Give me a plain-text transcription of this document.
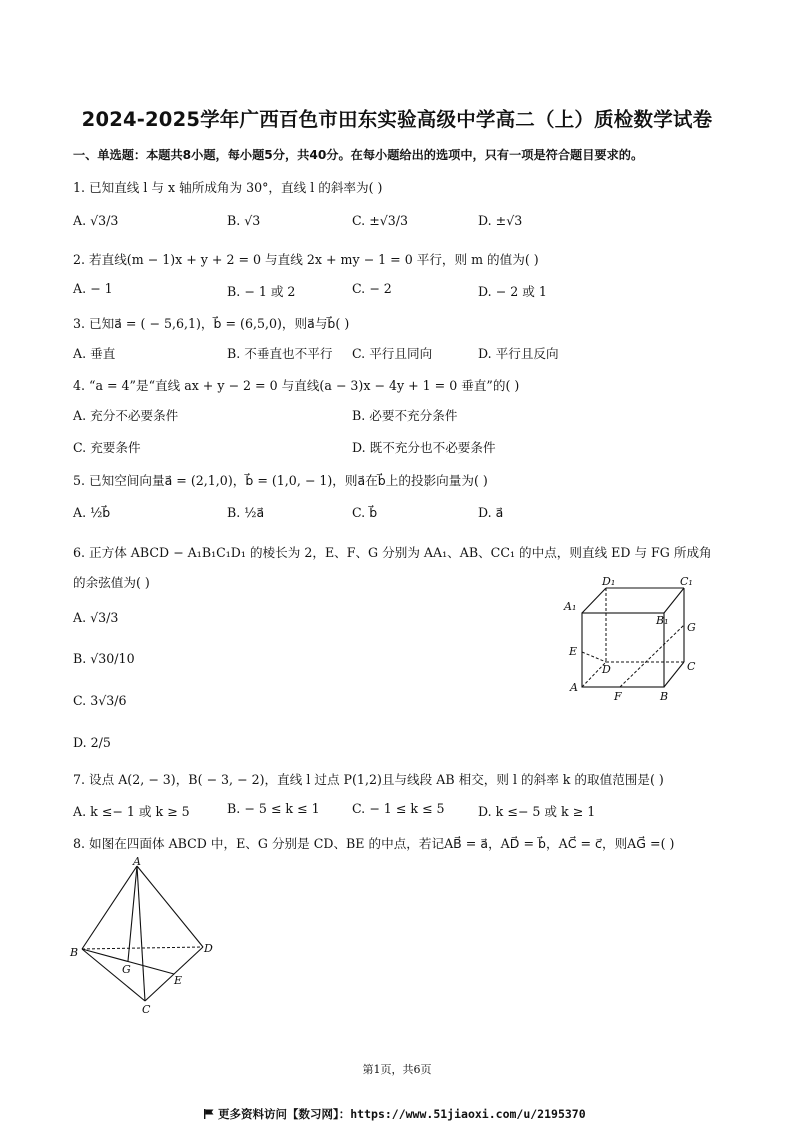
2024-2025学年广西百色市田东实验高级中学高二（上）质检数学试卷
一、单选题：本题共8小题，每小题5分，共40分。在每小题给出的选项中，只有一项是符合题目要求的。
1. 已知直线 l 与 x 轴所成角为 30°，直线 l 的斜率为( )
A. √3/3	B. √3	C. ±√3/3	D. ±√3
2. 若直线(m − 1)x + y + 2 = 0 与直线 2x + my − 1 = 0 平行，则 m 的值为( )
A. − 1	B. − 1 或 2	C. − 2	D. − 2 或 1
3. 已知a⃗ = ( − 5,6,1)，b⃗ = (6,5,0)，则a⃗与b⃗( )
A. 垂直	B. 不垂直也不平行 C. 平行且同向	D. 平行且反向
4. “a = 4”是“直线 ax + y − 2 = 0 与直线(a − 3)x − 4y + 1 = 0 垂直”的( )
A. 充分不必要条件	B. 必要不充分条件
C. 充要条件	D. 既不充分也不必要条件
5. 已知空间向量a⃗ = (2,1,0)，b⃗ = (1,0, − 1)，则a⃗在b⃗上的投影向量为( )
A. ½b⃗	B. ½a⃗	C. b⃗	D. a⃗
6. 正方体 ABCD − A₁B₁C₁D₁ 的棱长为 2，E、F、G 分别为 AA₁、AB、CC₁ 的中点，则直线 ED 与 FG 所成角
的余弦值为( )
A. √3/3
B. √30/10
C. 3√3/6
D. 2/5
D₁	C₁
A₁
B₁
G
E
D	C
A
F	B
7. 设点 A(2, − 3)，B( − 3, − 2)，直线 l 过点 P(1,2)且与线段 AB 相交，则 l 的斜率 k 的取值范围是( )
A. k ≤− 1 或 k ≥ 5	B. − 5 ≤ k ≤ 1	C. − 1 ≤ k ≤ 5	D. k ≤− 5 或 k ≥ 1
8. 如图在四面体 ABCD 中，E、G 分别是 CD、BE 的中点，若记AB⃗ = a⃗，AD⃗ = b⃗，AC⃗ = c⃗，则AG⃗ =( )
A
B	D
G
E
C
第1页，共6页
更多资料访问【数习网】：https://www.51jiaoxi.com/u/2195370
